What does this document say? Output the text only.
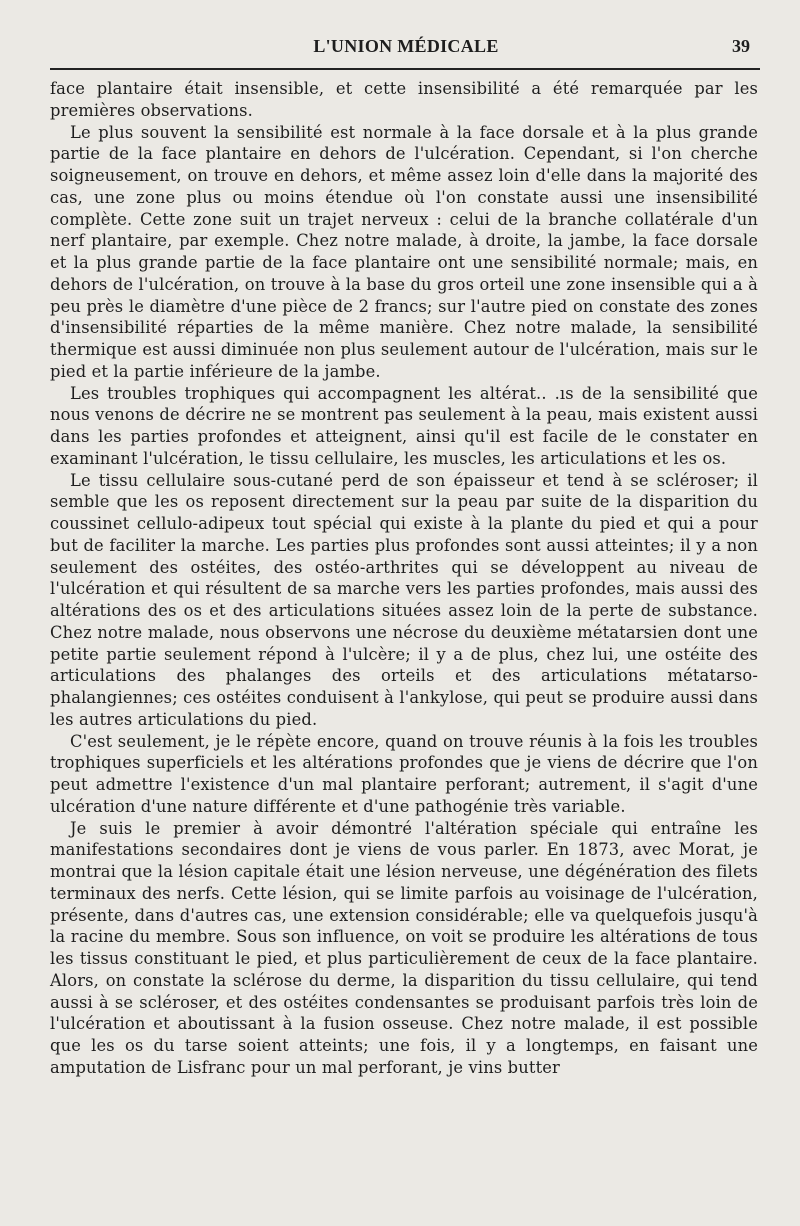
L'UNION MÉDICALE	39

face plantaire était insensible, et cette insensibilité a été remarquée par les premières observations.

Le plus souvent la sensibilité est normale à la face dorsale et à la plus grande partie de la face plantaire en dehors de l'ulcération. Cependant, si l'on cherche soigneusement, on trouve en dehors, et même assez loin d'elle dans la majorité des cas, une zone plus ou moins étendue où l'on constate aussi une insensibilité complète. Cette zone suit un trajet nerveux : celui de la branche collatérale d'un nerf plantaire, par exemple. Chez notre malade, à droite, la jambe, la face dorsale et la plus grande partie de la face plantaire ont une sensibilité normale; mais, en dehors de l'ulcération, on trouve à la base du gros orteil une zone insensible qui a à peu près le diamètre d'une pièce de 2 francs; sur l'autre pied on constate des zones d'insensibilité réparties de la même manière. Chez notre malade, la sensibilité thermique est aussi diminuée non plus seulement autour de l'ulcération, mais sur le pied et la partie inférieure de la jambe.

Les troubles trophiques qui accompagnent les altérat.. .ıs de la sensibilité que nous venons de décrire ne se montrent pas seulement à la peau, mais existent aussi dans les parties profondes et atteignent, ainsi qu'il est facile de le constater en examinant l'ulcération, le tissu cellulaire, les muscles, les articulations et les os.

Le tissu cellulaire sous-cutané perd de son épaisseur et tend à se scléroser; il semble que les os reposent directement sur la peau par suite de la disparition du coussinet cellulo-adipeux tout spécial qui existe à la plante du pied et qui a pour but de faciliter la marche. Les parties plus profondes sont aussi atteintes; il y a non seulement des ostéites, des ostéo-arthrites qui se développent au niveau de l'ulcération et qui résultent de sa marche vers les parties profondes, mais aussi des altérations des os et des articulations situées assez loin de la perte de substance. Chez notre malade, nous observons une nécrose du deuxième métatarsien dont une petite partie seulement répond à l'ulcère; il y a de plus, chez lui, une ostéite des articulations des phalanges des orteils et des articulations métatarso-phalangiennes; ces ostéites conduisent à l'ankylose, qui peut se produire aussi dans les autres articulations du pied.

C'est seulement, je le répète encore, quand on trouve réunis à la fois les troubles trophiques superficiels et les altérations profondes que je viens de décrire que l'on peut admettre l'existence d'un mal plantaire perforant; autrement, il s'agit d'une ulcération d'une nature différente et d'une pathogénie très variable.

Je suis le premier à avoir démontré l'altération spéciale qui entraîne les manifestations secondaires dont je viens de vous parler. En 1873, avec Morat, je montrai que la lésion capitale était une lésion nerveuse, une dégénération des filets terminaux des nerfs. Cette lésion, qui se limite parfois au voisinage de l'ulcération, présente, dans d'autres cas, une extension considérable; elle va quelquefois jusqu'à la racine du membre. Sous son influence, on voit se produire les altérations de tous les tissus constituant le pied, et plus particulièrement de ceux de la face plantaire. Alors, on constate la sclérose du derme, la disparition du tissu cellulaire, qui tend aussi à se scléroser, et des ostéites condensantes se produisant parfois très loin de l'ulcération et aboutissant à la fusion osseuse. Chez notre malade, il est possible que les os du tarse soient atteints; une fois, il y a longtemps, en faisant une amputation de Lisfranc pour un mal perforant, je vins butter
